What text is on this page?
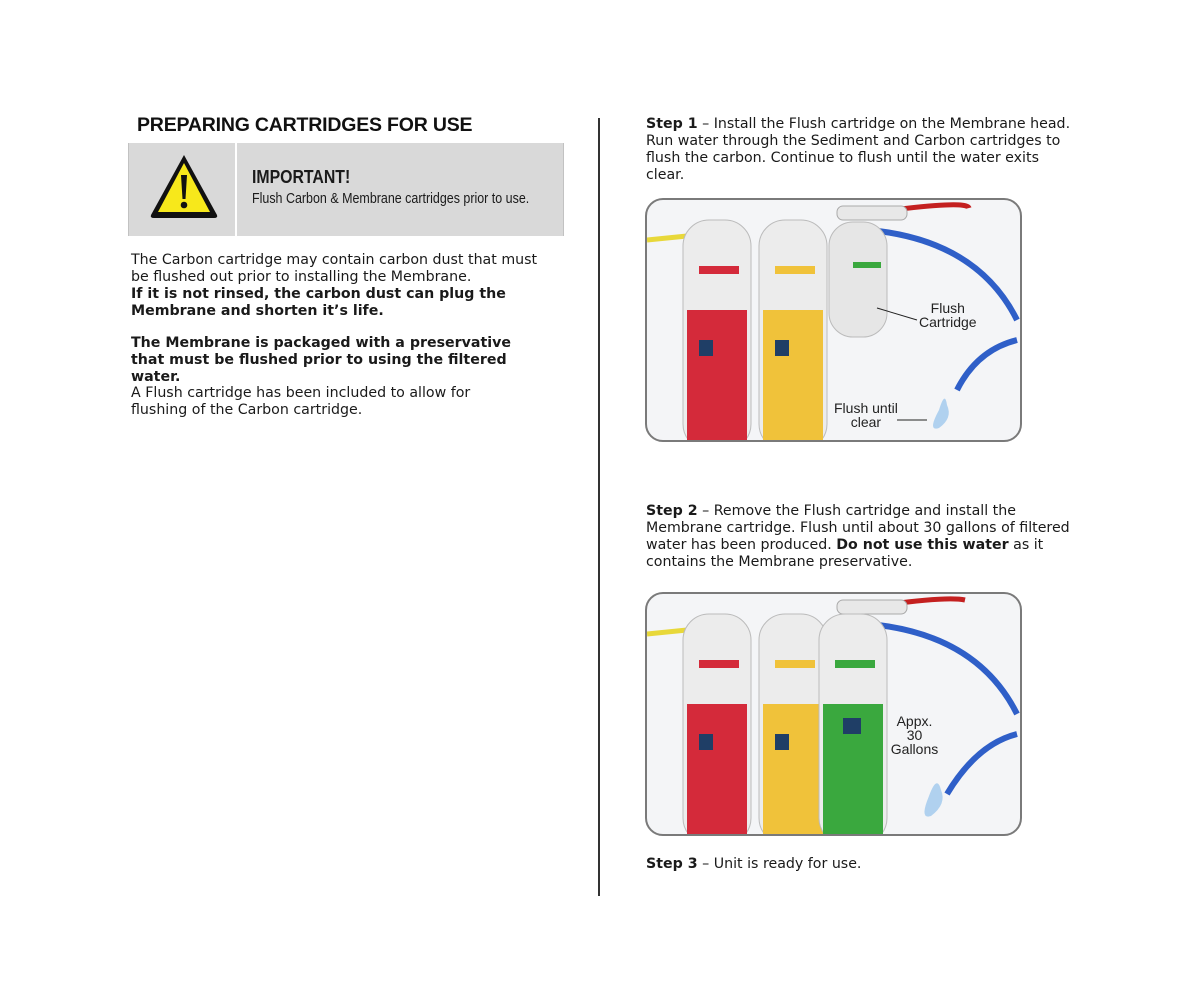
PREPARING CARTRIDGES FOR USE
IMPORTANT!
Flush Carbon & Membrane cartridges prior to use.

The Carbon cartridge may contain carbon dust that must
be flushed out prior to installing the Membrane.
If it is not rinsed, the carbon dust can plug the Membrane and shorten it’s life.

The Membrane is packaged with a preservative that must be flushed prior to using the filtered water.

A Flush cartridge has been included to allow for flushing of the Carbon cartridge.

Step 1 – Install the Flush cartridge on the Membrane head. Run water through the Sediment and Carbon cartridges to flush the carbon. Continue to flush until the water exits clear.

Flush
Cartridge
Flush until
clear

Step 2 – Remove the Flush cartridge and install the Membrane cartridge. Flush until about 30 gallons of filtered water has been produced. Do not use this water as it contains the Membrane preservative.

Appx.
30
Gallons

Step 3 – Unit is ready for use.
